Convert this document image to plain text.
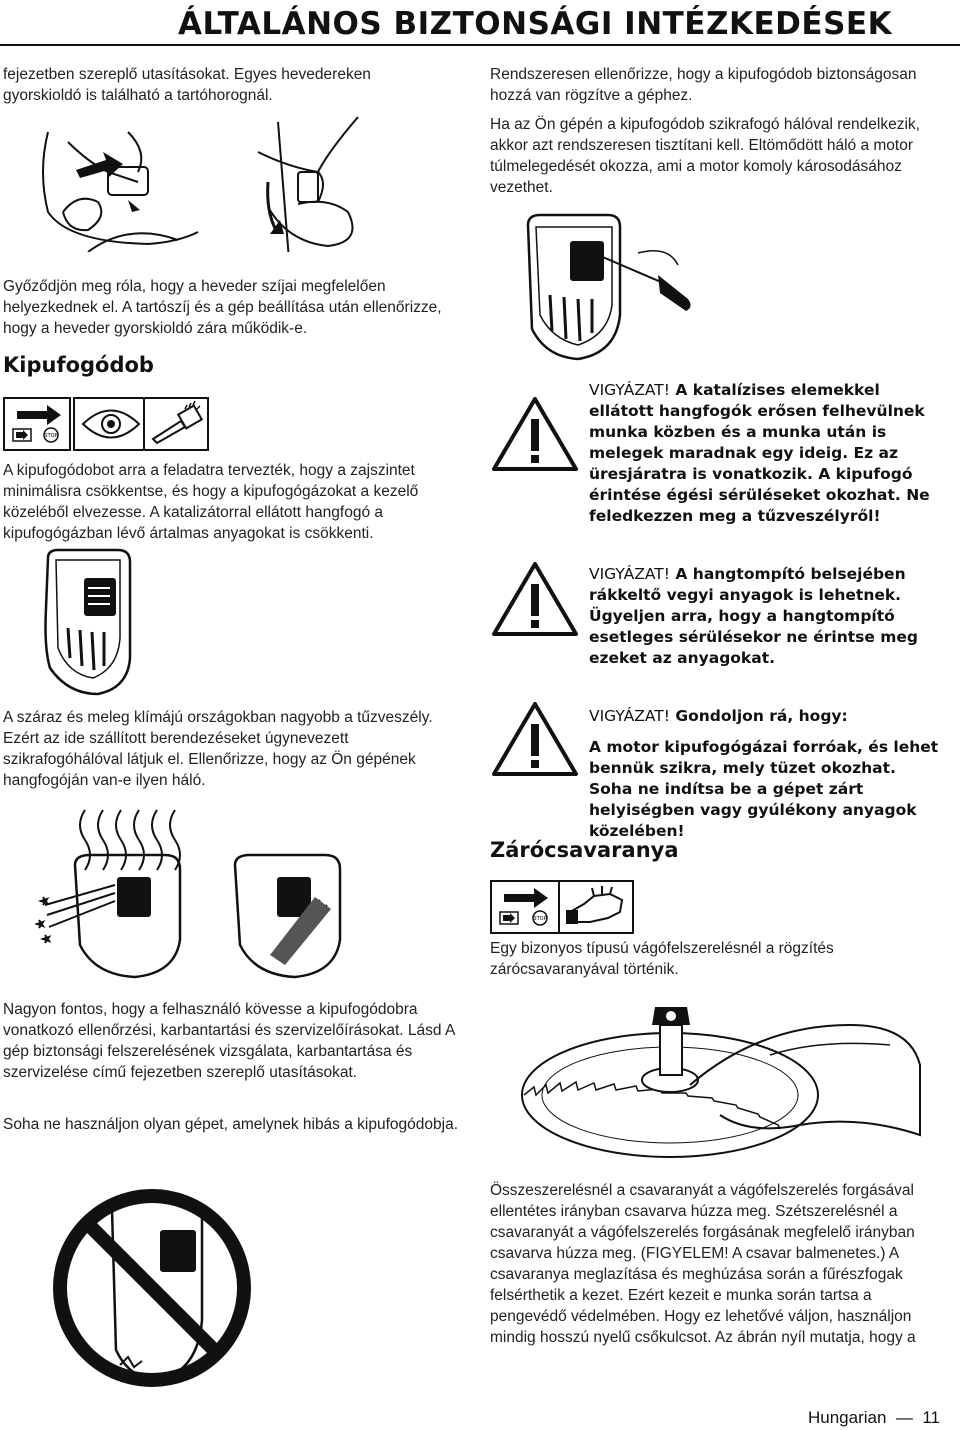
ÁLTALÁNOS BIZTONSÁGI INTÉZKEDÉSEK

fejezetben szereplő utasításokat. Egyes hevedereken

gyorskioldó is található a tartóhorognál.

Győződjön meg róla, hogy a heveder szíjai megfelelően helyezkednek el. A tartószíj és a gép beállítása után ellenőrizze, hogy a heveder gyorskioldó zára működik-e.

Kipufogódob
STOP

A kipufogódobot arra a feladatra tervezték, hogy a zajszintet minimálisra csökkentse, és hogy a kipufogógázokat a kezelő közeléből elvezesse. A katalizátorral ellátott hangfogó a kipufogógázban lévő ártalmas anyagokat is csökkenti.

A száraz és meleg klímájú országokban nagyobb a tűzveszély. Ezért az ide szállított berendezéseket úgynevezett szikrafogóhálóval látjuk el. Ellenőrizze, hogy az Ön gépének hangfogóján van-e ilyen háló.

Nagyon fontos, hogy a felhasználó kövesse a kipufogódobra vonatkozó ellenőrzési, karbantartási és szervizelőírásokat. Lásd A gép biztonsági felszerelésének vizsgálata, karbantartása és szervizelése című fejezetben szereplő utasításokat.

Soha ne használjon olyan gépet, amelynek hibás a kipufogódobja.

Rendszeresen ellenőrizze, hogy a kipufogódob biztonságosan hozzá van rögzítve a géphez.

Ha az Ön gépén a kipufogódob szikrafogó hálóval rendelkezik, akkor azt rendszeresen tisztítani kell. Eltömődött háló a motor túlmelegedését okozza, ami a motor komoly károsodásához vezethet.

VIGYÁZAT! A katalízises elemekkel ellátott hangfogók erősen felhevülnek munka közben és a munka után is melegek maradnak egy ideig. Ez az üresjáratra is vonatkozik. A kipufogó érintése égési sérüléseket okozhat. Ne feledkezzen meg a tűzveszélyről!
VIGYÁZAT! A hangtompító belsejében rákkeltő vegyi anyagok is lehetnek. Ügyeljen arra, hogy a hangtompító esetleges sérülésekor ne érintse meg ezeket az anyagokat.
VIGYÁZAT! Gondoljon rá, hogy:
A motor kipufogógázai forróak, és lehet bennük szikra, mely tüzet okozhat. Soha ne indítsa be a gépet zárt helyiségben vagy gyúlékony anyagok közelében!
Zárócsavaranya
STOP

Egy bizonyos típusú vágófelszerelésnél a rögzítés zárócsavaranyával történik.

Összeszerelésnél a csavaranyát a vágófelszerelés forgásával ellentétes irányban csavarva húzza meg. Szétszerelésnél a csavaranyát a vágófelszerelés forgásának megfelelő irányban csavarva húzza meg. (FIGYELEM! A csavar balmenetes.) A csavaranya meglazítása és meghúzása során a fűrészfogak felsérthetik a kezet. Ezért kezeit e munka során tartsa a pengevédő védelmében. Hogy ez lehetővé váljon, használjon mindig hosszú nyelű csőkulcsot. Az ábrán nyíl mutatja, hogy a

Hungarian  —  11
